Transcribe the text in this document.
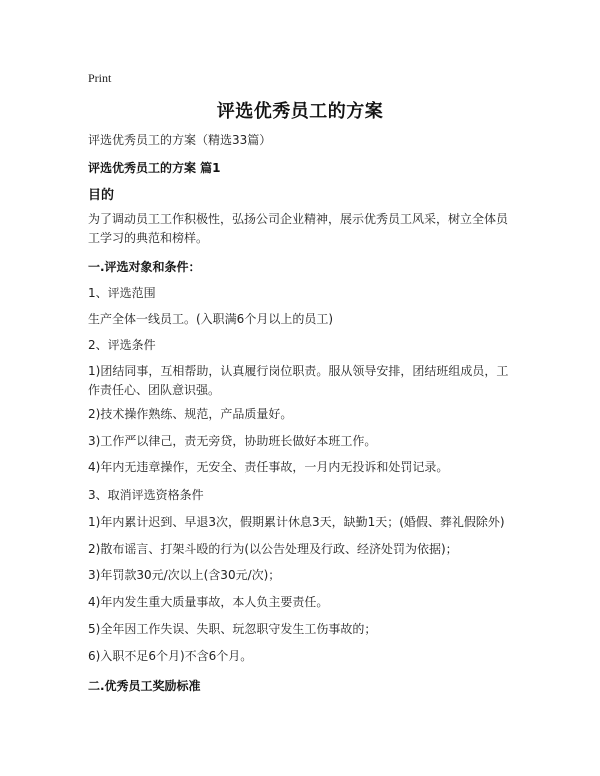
Print
评选优秀员工的方案
评选优秀员工的方案（精选33篇）
评选优秀员工的方案 篇1
目的
为了调动员工工作积极性，弘扬公司企业精神，展示优秀员工风采，树立全体员工学习的典范和榜样。
一.评选对象和条件：
1、评选范围
生产全体一线员工。(入职满6个月以上的员工)
2、评选条件
1)团结同事，互相帮助，认真履行岗位职责。服从领导安排，团结班组成员，工作责任心、团队意识强。
2)技术操作熟练、规范，产品质量好。
3)工作严以律己，责无旁贷，协助班长做好本班工作。
4)年内无违章操作，无安全、责任事故，一月内无投诉和处罚记录。
3、取消评选资格条件
1)年内累计迟到、早退3次，假期累计休息3天，缺勤1天；(婚假、葬礼假除外)
2)散布谣言、打架斗殴的行为(以公告处理及行政、经济处罚为依据)；
3)年罚款30元/次以上(含30元/次)；
4)年内发生重大质量事故，本人负主要责任。
5)全年因工作失误、失职、玩忽职守发生工伤事故的；
6)入职不足6个月)不含6个月。
二.优秀员工奖励标准
